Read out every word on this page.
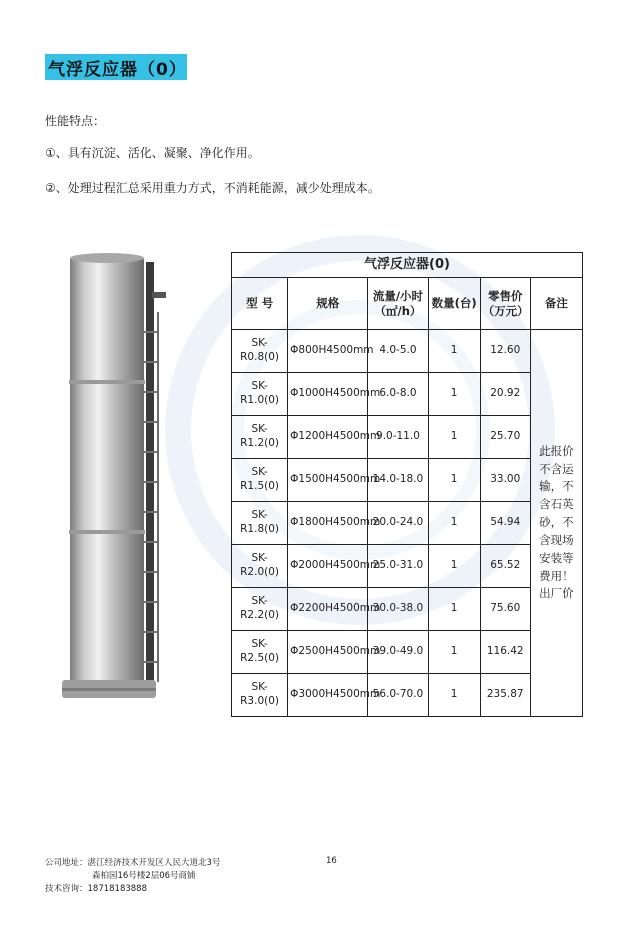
气浮反应器（0）
性能特点：
①、具有沉淀、活化、凝聚、净化作用。
②、处理过程汇总采用重力方式，不消耗能源，减少处理成本。
气浮反应器(0)					
型 号	规格	流量/小时（㎡/h）	数量(台)	零售价（万元）	备注
SK-R0.8(0)	Φ800H4500mm	4.0-5.0	1	12.60	此报价不含运输，不含石英砂，不含现场安装等费用！出厂价
SK-R1.0(0)	Φ1000H4500mm	6.0-8.0	1	20.92	
SK-R1.2(0)	Φ1200H4500mm	9.0-11.0	1	25.70	
SK-R1.5(0)	Φ1500H4500mm	14.0-18.0	1	33.00	
SK-R1.8(0)	Φ1800H4500mm	20.0-24.0	1	54.94	
SK-R2.0(0)	Φ2000H4500mm	25.0-31.0	1	65.52	
SK-R2.2(0)	Φ2200H4500mm	30.0-38.0	1	75.60	
SK-R2.5(0)	Φ2500H4500mm	39.0-49.0	1	116.42	
SK-R3.0(0)	Φ3000H4500mm	56.0-70.0	1	235.87	
公司地址：湛江经济技术开发区人民大道北3号	16
森柏园16号楼2层06号商铺
技术咨询：18718183888
